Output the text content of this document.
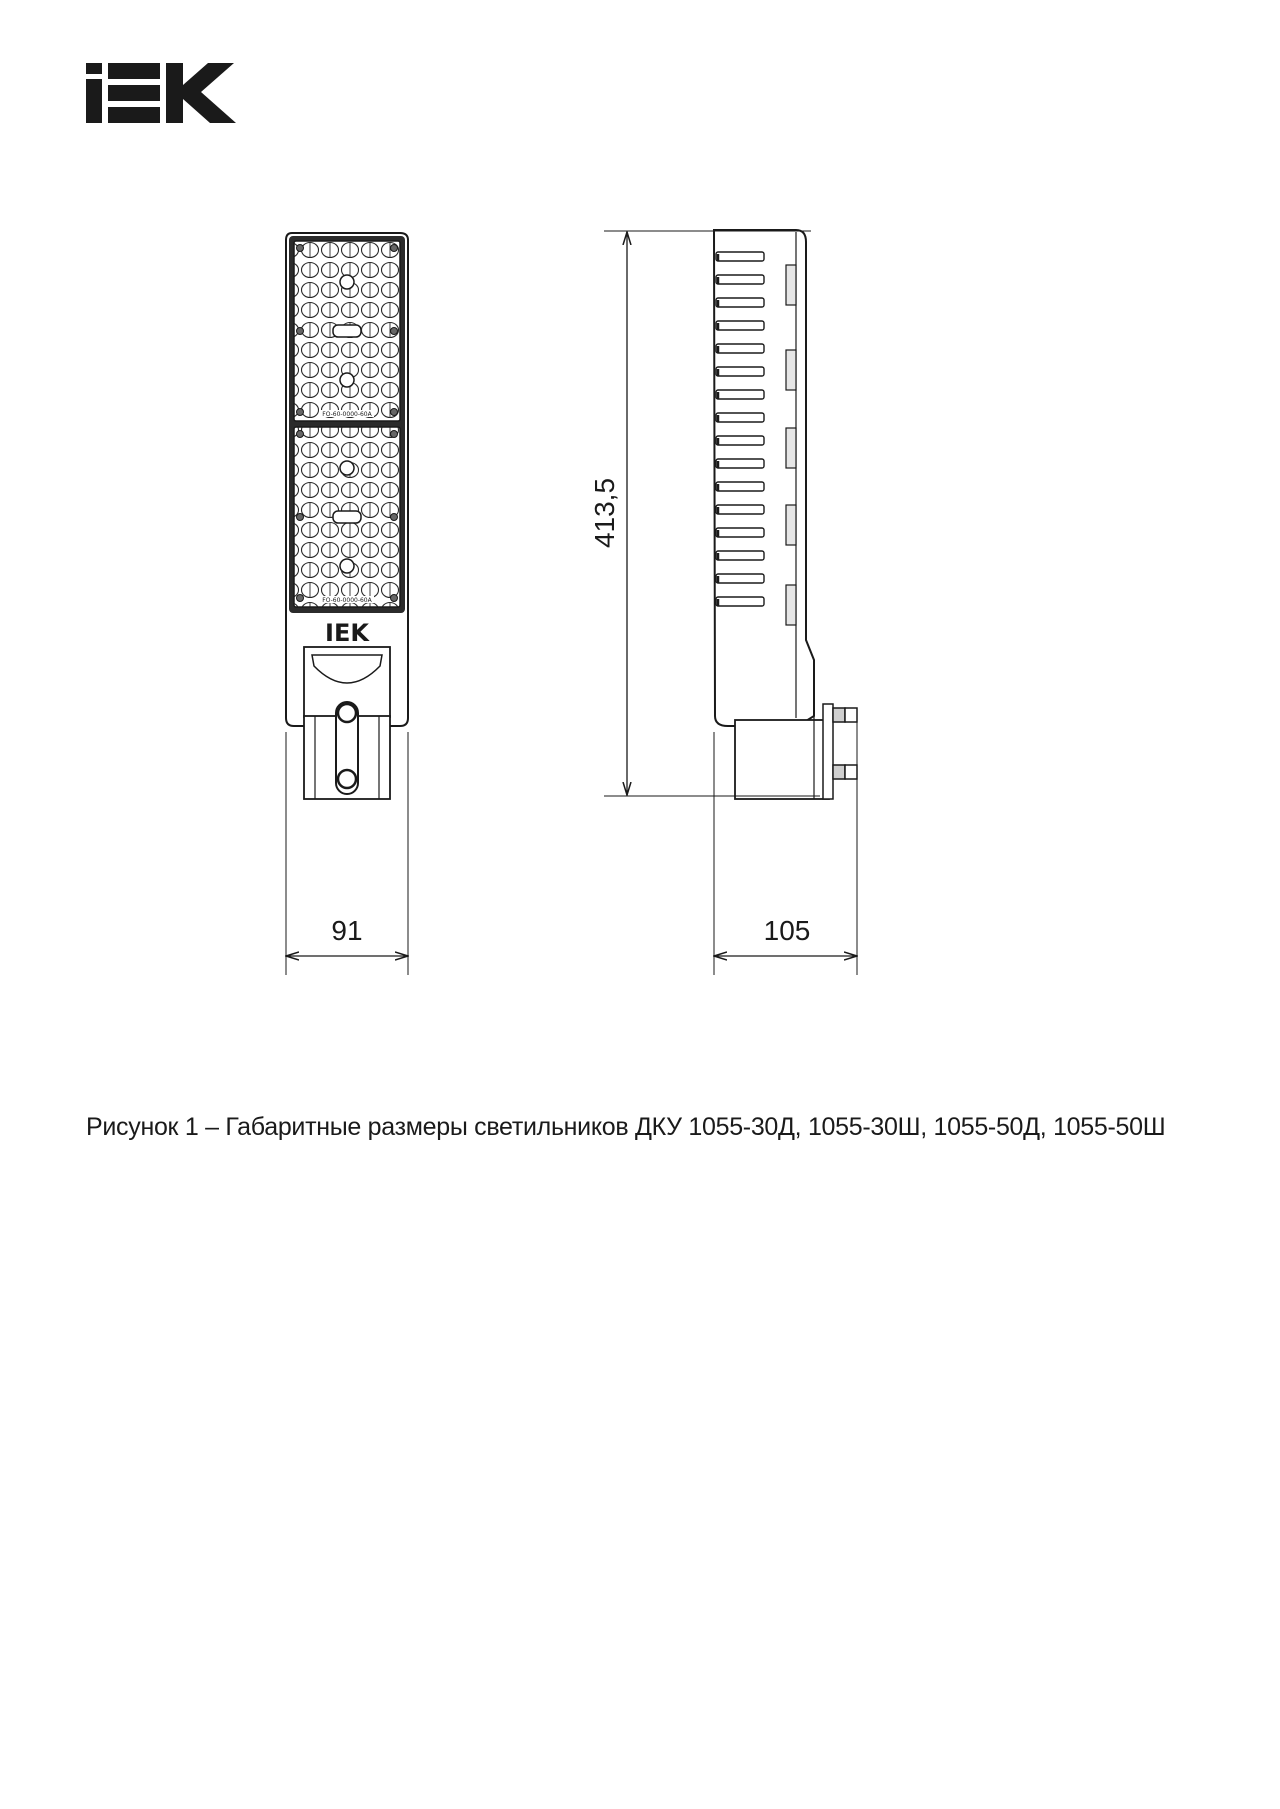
FO-60-0000-60A
FO-60-0000-60A
IEK
91
413,5
105
Рисунок 1 – Габаритные размеры светильников ДКУ 1055-30Д, 1055-30Ш, 1055-50Д, 1055-50Ш
